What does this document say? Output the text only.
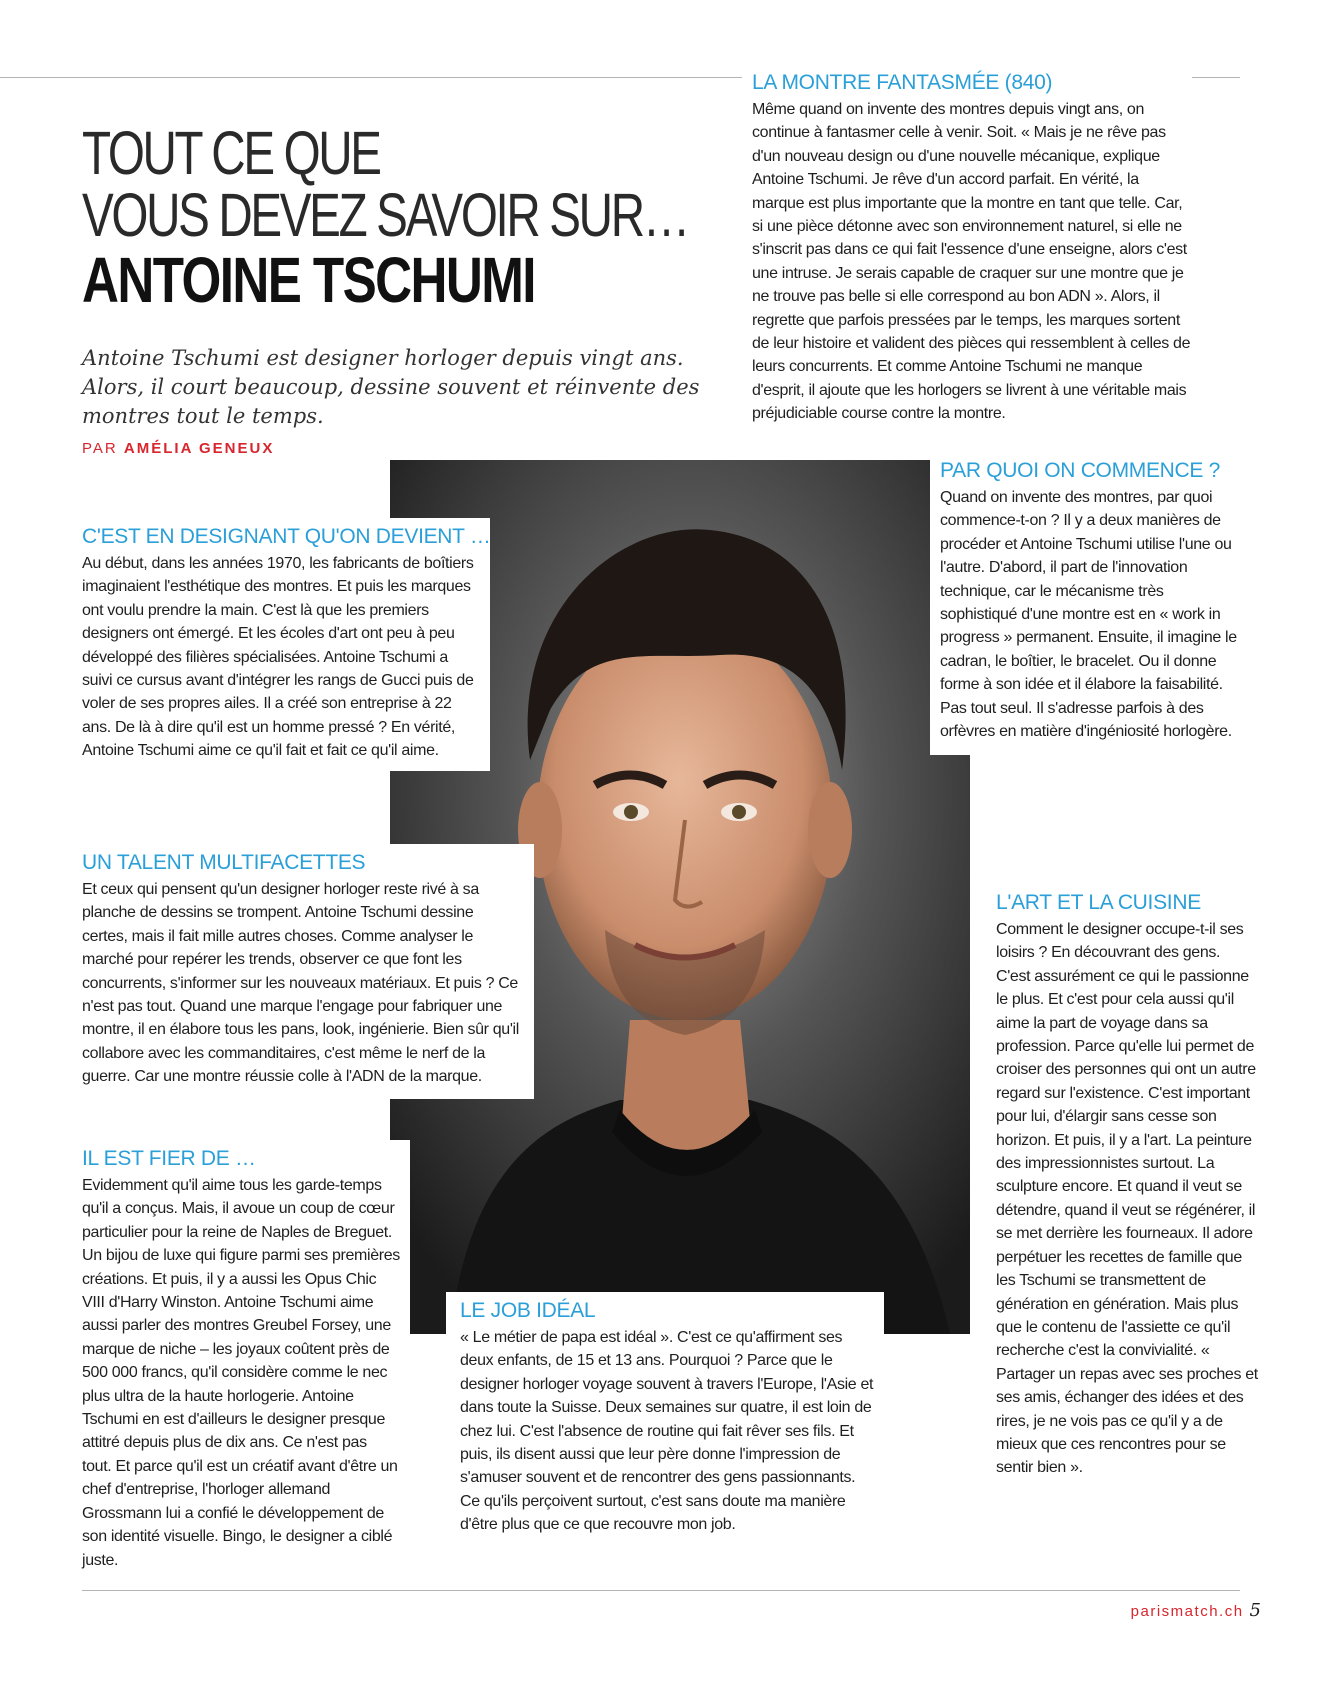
TOUT CE QUE
VOUS DEVEZ SAVOIR SUR…
ANTOINE TSCHUMI

Antoine Tschumi est designer horloger depuis vingt ans. Alors, il court beaucoup, dessine souvent et réinvente des montres tout le temps.

PAR AMÉLIA GENEUX
LA MONTRE FANTASMÉE (840)

Même quand on invente des montres depuis vingt ans, on continue à fantasmer celle à venir. Soit. « Mais je ne rêve pas d'un nouveau design ou d'une nouvelle mécanique, explique Antoine Tschumi. Je rêve d'un accord parfait. En vérité, la marque est plus importante que la montre en tant que telle. Car, si une pièce détonne avec son environnement naturel, si elle ne s'inscrit pas dans ce qui fait l'essence d'une enseigne, alors c'est une intruse. Je serais capable de craquer sur une montre que je ne trouve pas belle si elle correspond au bon ADN ». Alors, il regrette que parfois pressées par le temps, les marques sortent de leur histoire et valident des pièces qui ressemblent à celles de leurs concurrents. Et comme Antoine Tschumi ne manque d'esprit, il ajoute que les horlogers se livrent à une véritable mais préjudiciable course contre la montre.

C'EST EN DESIGNANT QU'ON DEVIENT …

Au début, dans les années 1970, les fabricants de boîtiers imaginaient l'esthétique des montres. Et puis les marques ont voulu prendre la main. C'est là que les premiers designers ont émergé. Et les écoles d'art ont peu à peu développé des filières spécialisées. Antoine Tschumi a suivi ce cursus avant d'intégrer les rangs de Gucci puis de voler de ses propres ailes. Il a créé son entreprise à 22 ans. De là à dire qu'il est un homme pressé ? En vérité, Antoine Tschumi aime ce qu'il fait et fait ce qu'il aime.

PAR QUOI ON COMMENCE ?

Quand on invente des montres, par quoi commence-t-on ? Il y a deux manières de procéder et Antoine Tschumi utilise l'une ou l'autre. D'abord, il part de l'innovation technique, car le mécanisme très sophistiqué d'une montre est en « work in progress » permanent. Ensuite, il imagine le cadran, le boîtier, le bracelet. Ou il donne forme à son idée et il élabore la faisabilité. Pas tout seul. Il s'adresse parfois à des orfèvres en matière d'ingéniosité horlogère.

UN TALENT MULTIFACETTES

Et ceux qui pensent qu'un designer horloger reste rivé à sa planche de dessins se trompent. Antoine Tschumi dessine certes, mais il fait mille autres choses. Comme analyser le marché pour repérer les trends, observer ce que font les concurrents, s'informer sur les nouveaux matériaux. Et puis ? Ce n'est pas tout. Quand une marque l'engage pour fabriquer une montre, il en élabore tous les pans, look, ingénierie. Bien sûr qu'il collabore avec les commanditaires, c'est même le nerf de la guerre. Car une montre réussie colle à l'ADN de la marque.

L'ART ET LA CUISINE

Comment le designer occupe-t-il ses loisirs ? En découvrant des gens. C'est assurément ce qui le passionne le plus. Et c'est pour cela aussi qu'il aime la part de voyage dans sa profession. Parce qu'elle lui permet de croiser des personnes qui ont un autre regard sur l'existence. C'est important pour lui, d'élargir sans cesse son horizon. Et puis, il y a l'art. La peinture des impressionnistes surtout. La sculpture encore. Et quand il veut se détendre, quand il veut se régénérer, il se met derrière les fourneaux. Il adore perpétuer les recettes de famille que les Tschumi se transmettent de génération en génération. Mais plus que le contenu de l'assiette ce qu'il recherche c'est la convivialité. « Partager un repas avec ses proches et ses amis, échanger des idées et des rires, je ne vois pas ce qu'il y a de mieux que ces rencontres pour se sentir bien ».

IL EST FIER DE …

Evidemment qu'il aime tous les garde-temps qu'il a conçus. Mais, il avoue un coup de cœur particulier pour la reine de Naples de Breguet. Un bijou de luxe qui figure parmi ses premières créations. Et puis, il y a aussi les Opus Chic VIII d'Harry Winston. Antoine Tschumi aime aussi parler des montres Greubel Forsey, une marque de niche – les joyaux coûtent près de 500 000 francs, qu'il considère comme le nec plus ultra de la haute horlogerie. Antoine Tschumi en est d'ailleurs le designer presque attitré depuis plus de dix ans. Ce n'est pas tout. Et parce qu'il est un créatif avant d'être un chef d'entreprise, l'horloger allemand Grossmann lui a confié le développement de son identité visuelle. Bingo, le designer a ciblé juste.

LE JOB IDÉAL

« Le métier de papa est idéal ». C'est ce qu'affirment ses deux enfants, de 15 et 13 ans. Pourquoi ? Parce que le designer horloger voyage souvent à travers l'Europe, l'Asie et dans toute la Suisse. Deux semaines sur quatre, il est loin de chez lui. C'est l'absence de routine qui fait rêver ses fils. Et puis, ils disent aussi que leur père donne l'impression de s'amuser souvent et de rencontrer des gens passionnants. Ce qu'ils perçoivent surtout, c'est sans doute ma manière d'être plus que ce que recouvre mon job.

parismatch.ch 5
